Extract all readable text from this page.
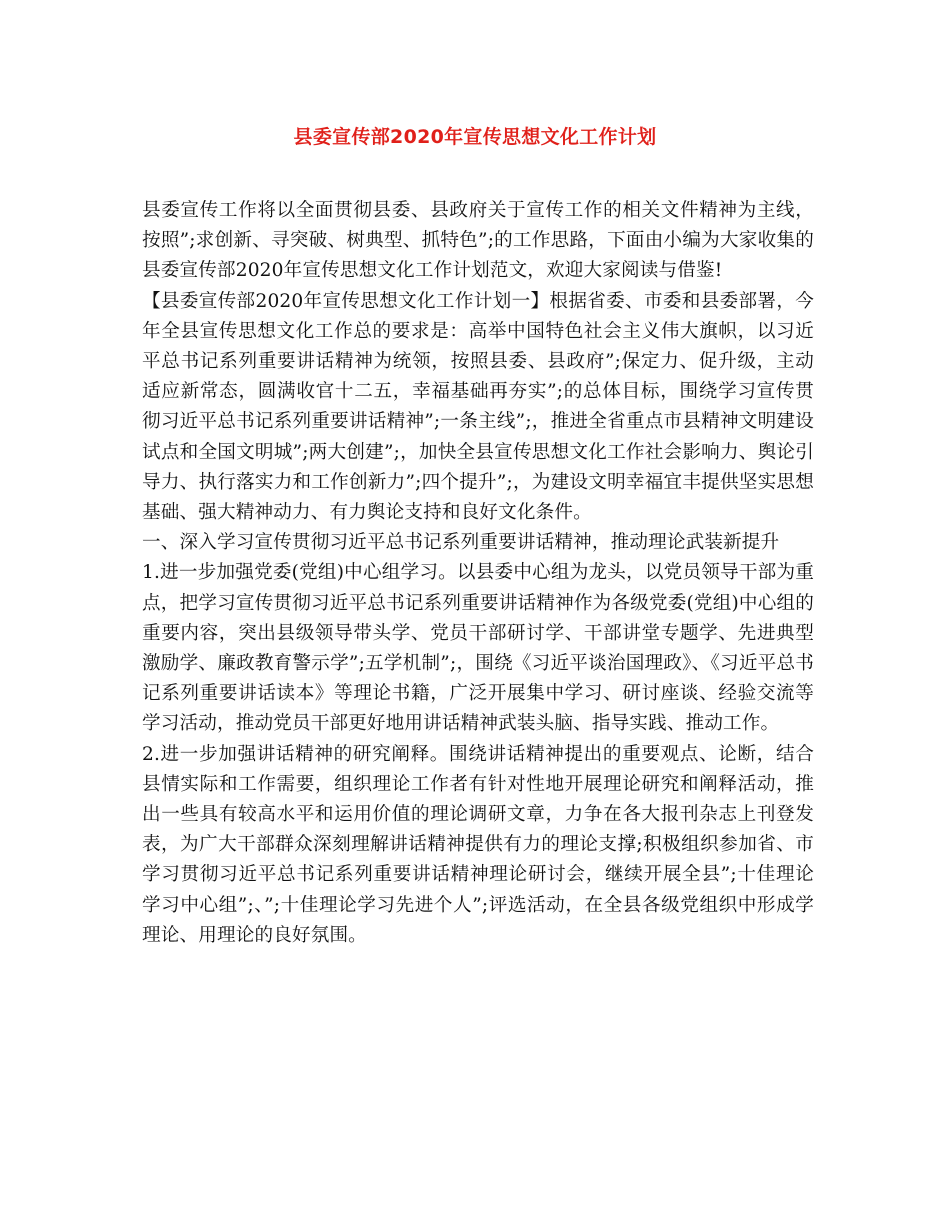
县委宣传部2020年宣传思想文化工作计划

县委宣传工作将以全面贯彻县委、县政府关于宣传工作的相关文件精神为主线，按照”;求创新、寻突破、树典型、抓特色”;的工作思路，下面由小编为大家收集的县委宣传部2020年宣传思想文化工作计划范文，欢迎大家阅读与借鉴!

【县委宣传部2020年宣传思想文化工作计划一】根据省委、市委和县委部署，今年全县宣传思想文化工作总的要求是：高举中国特色社会主义伟大旗帜，以习近平总书记系列重要讲话精神为统领，按照县委、县政府”;保定力、促升级，主动适应新常态，圆满收官十二五，幸福基础再夯实”;的总体目标，围绕学习宣传贯彻习近平总书记系列重要讲话精神”;一条主线”;，推进全省重点市县精神文明建设试点和全国文明城”;两大创建”;，加快全县宣传思想文化工作社会影响力、舆论引导力、执行落实力和工作创新力”;四个提升”;，为建设文明幸福宜丰提供坚实思想基础、强大精神动力、有力舆论支持和良好文化条件。

一、深入学习宣传贯彻习近平总书记系列重要讲话精神，推动理论武装新提升

1.进一步加强党委(党组)中心组学习。以县委中心组为龙头，以党员领导干部为重点，把学习宣传贯彻习近平总书记系列重要讲话精神作为各级党委(党组)中心组的重要内容，突出县级领导带头学、党员干部研讨学、干部讲堂专题学、先进典型激励学、廉政教育警示学”;五学机制”;，围绕《习近平谈治国理政》、《习近平总书记系列重要讲话读本》等理论书籍，广泛开展集中学习、研讨座谈、经验交流等学习活动，推动党员干部更好地用讲话精神武装头脑、指导实践、推动工作。

2.进一步加强讲话精神的研究阐释。围绕讲话精神提出的重要观点、论断，结合县情实际和工作需要，组织理论工作者有针对性地开展理论研究和阐释活动，推出一些具有较高水平和运用价值的理论调研文章，力争在各大报刊杂志上刊登发表，为广大干部群众深刻理解讲话精神提供有力的理论支撑;积极组织参加省、市学习贯彻习近平总书记系列重要讲话精神理论研讨会，继续开展全县”;十佳理论学习中心组”;、”;十佳理论学习先进个人”;评选活动，在全县各级党组织中形成学理论、用理论的良好氛围。
